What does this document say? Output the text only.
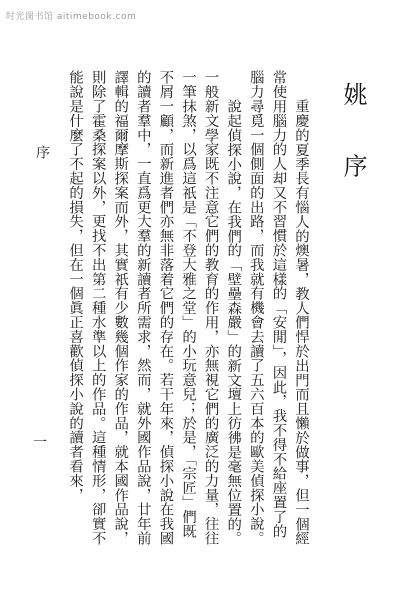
时光图书馆 aitimebook.com
姚 序

重慶的夏季長有惱人的燠暑，教人們悍於出門而且懶於做事，但一個經常使用腦力的人却又不習慣於這樣的「安閒」，因此，我不得不給座置了的腦力尋覓一個側面的出路，而我就有機會去讀了五六百本的歐美偵探小說。

說起偵探小說，在我們的「壁壘森嚴」的新文壇上彷彿是毫無位置的。一般新文學家既不注意它們的教育的作用，亦無視它們的廣泛的力量，往往一筆抹煞，以爲這祇是「不登大雅之堂」的小玩意兒；於是，「宗匠」們既不屑一顧，而新進者們亦無非落着它們的存在。若干年來，偵探小說在我國的讀者羣中，一直爲更大羣的新讀者所需求，然而，就外國作品說，廿年前譯輯的福爾摩斯探案而外，其實祇有少數幾個作家的作品，就本國作品說，則除了霍桑探案以外，更找不出第二種水準以上的作品。這種情形，卻實不能說是什麼了不起的損失，但在一個眞正喜歡偵探小說的讀者看來，

序
一
